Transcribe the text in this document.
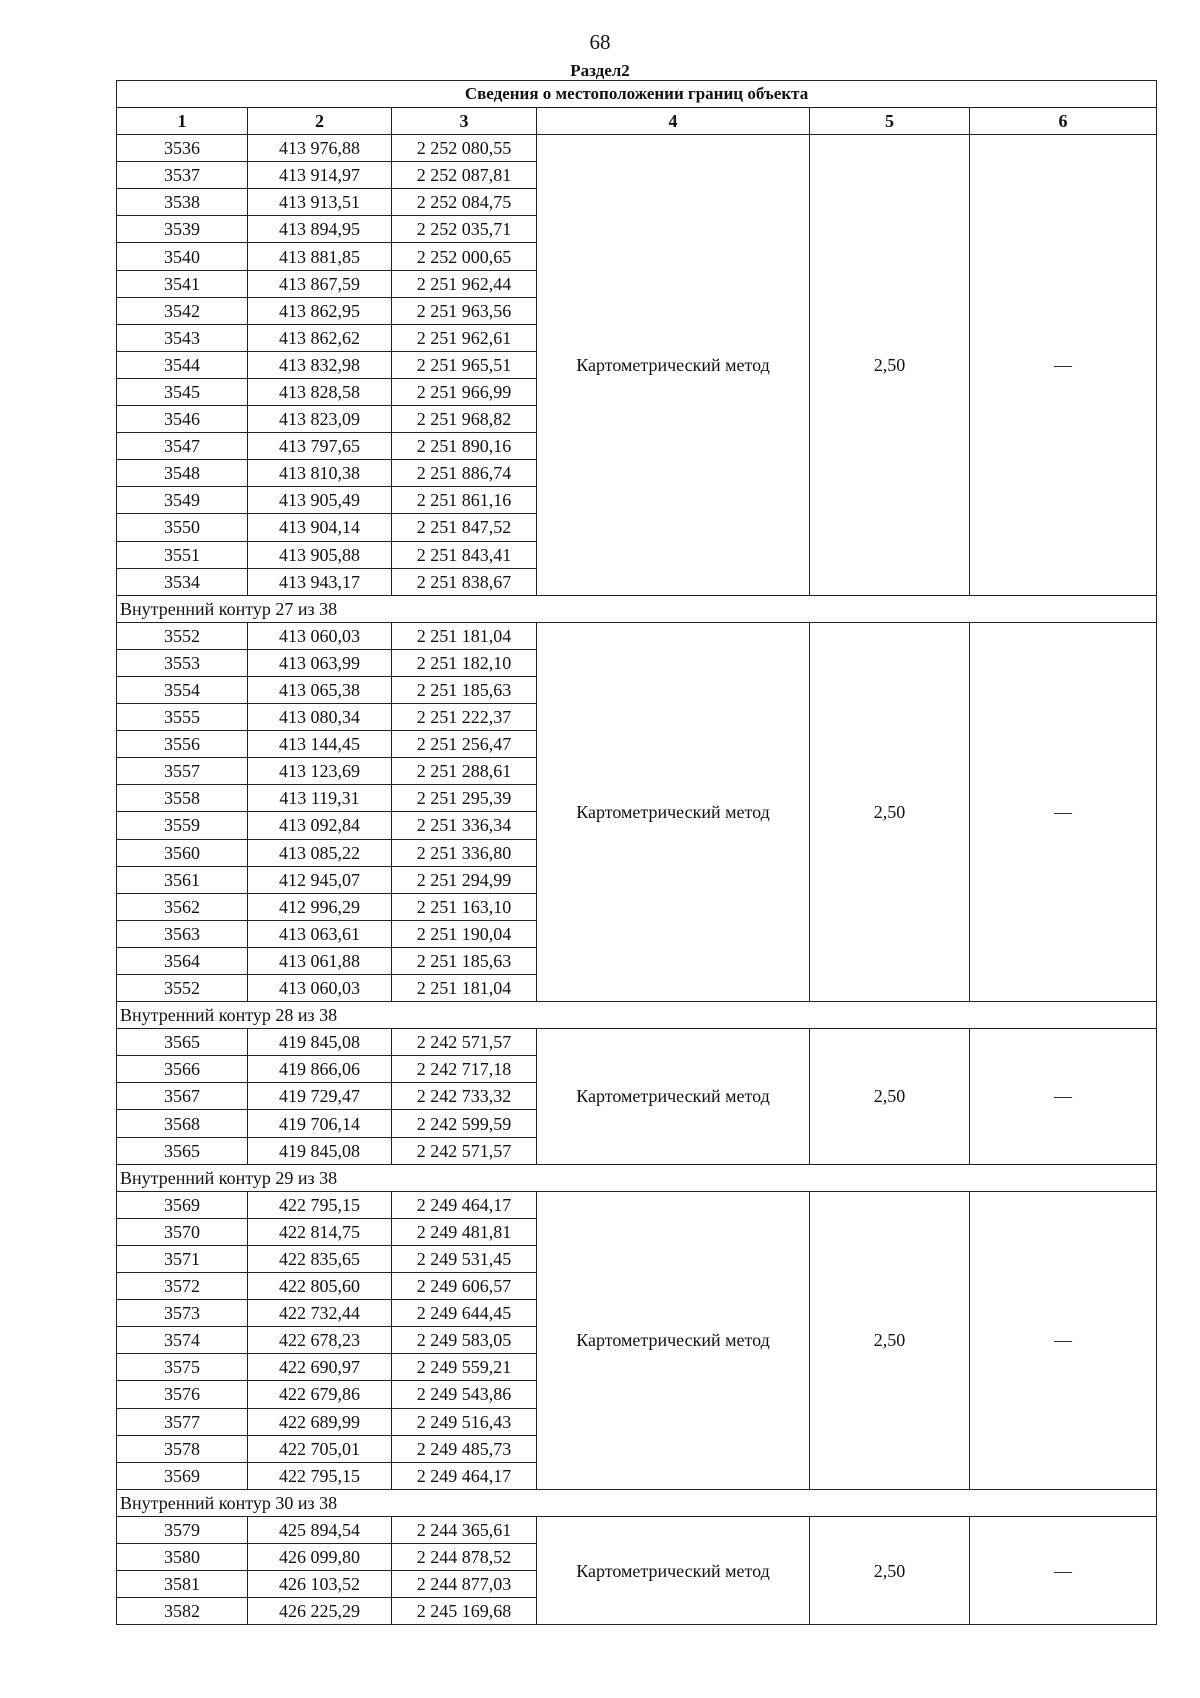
68
Раздел2
Сведения о местоположении границ объекта					
1	2	3	4	5	6
3536	413 976,88	2 252 080,55	Картометрический метод	2,50	—
3537	413 914,97	2 252 087,81			
3538	413 913,51	2 252 084,75			
3539	413 894,95	2 252 035,71			
3540	413 881,85	2 252 000,65			
3541	413 867,59	2 251 962,44			
3542	413 862,95	2 251 963,56			
3543	413 862,62	2 251 962,61			
3544	413 832,98	2 251 965,51			
3545	413 828,58	2 251 966,99			
3546	413 823,09	2 251 968,82			
3547	413 797,65	2 251 890,16			
3548	413 810,38	2 251 886,74			
3549	413 905,49	2 251 861,16			
3550	413 904,14	2 251 847,52			
3551	413 905,88	2 251 843,41			
3534	413 943,17	2 251 838,67			
Внутренний контур 27 из 38					
3552	413 060,03	2 251 181,04	Картометрический метод	2,50	—
3553	413 063,99	2 251 182,10			
3554	413 065,38	2 251 185,63			
3555	413 080,34	2 251 222,37			
3556	413 144,45	2 251 256,47			
3557	413 123,69	2 251 288,61			
3558	413 119,31	2 251 295,39			
3559	413 092,84	2 251 336,34			
3560	413 085,22	2 251 336,80			
3561	412 945,07	2 251 294,99			
3562	412 996,29	2 251 163,10			
3563	413 063,61	2 251 190,04			
3564	413 061,88	2 251 185,63			
3552	413 060,03	2 251 181,04			
Внутренний контур 28 из 38					
3565	419 845,08	2 242 571,57	Картометрический метод	2,50	—
3566	419 866,06	2 242 717,18			
3567	419 729,47	2 242 733,32			
3568	419 706,14	2 242 599,59			
3565	419 845,08	2 242 571,57			
Внутренний контур 29 из 38					
3569	422 795,15	2 249 464,17	Картометрический метод	2,50	—
3570	422 814,75	2 249 481,81			
3571	422 835,65	2 249 531,45			
3572	422 805,60	2 249 606,57			
3573	422 732,44	2 249 644,45			
3574	422 678,23	2 249 583,05			
3575	422 690,97	2 249 559,21			
3576	422 679,86	2 249 543,86			
3577	422 689,99	2 249 516,43			
3578	422 705,01	2 249 485,73			
3569	422 795,15	2 249 464,17			
Внутренний контур 30 из 38					
3579	425 894,54	2 244 365,61	Картометрический метод	2,50	—
3580	426 099,80	2 244 878,52			
3581	426 103,52	2 244 877,03			
3582	426 225,29	2 245 169,68			
